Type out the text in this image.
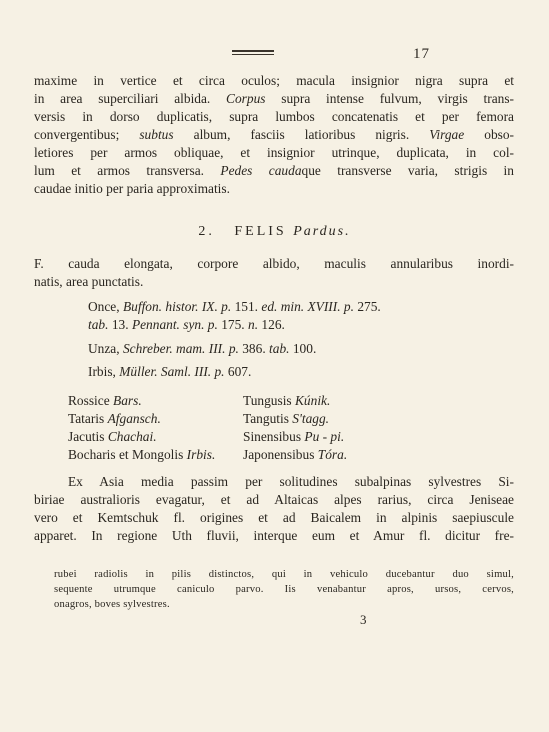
17
maxime in vertice et circa oculos; macula insignior nigra supra et
in area superciliari albida. Corpus supra intense fulvum, virgis trans-
versis in dorso duplicatis, supra lumbos concatenatis et per femora
convergentibus; subtus album, fasciis latioribus nigris. Virgae obso-
letiores per armos obliquae, et insignior utrinque, duplicata, in col-
lum et armos transversa. Pedes caudaque transverse varia, strigis in
caudae initio per paria approximatis.
2. FELIS Pardus.
F. cauda elongata, corpore albido, maculis annularibus inordi-
natis, area punctatis.
Once, Buffon. histor. IX. p. 151. ed. min. XVIII. p. 275.
tab. 13. Pennant. syn. p. 175. n. 126.
Unza, Schreber. mam. III. p. 386. tab. 100.
Irbis, Müller. Saml. III. p. 607.
Rossice Bars.
Tataris Afgansch.
Jacutis Chachai.
Bocharis et Mongolis Irbis.
Tungusis Kúnik.
Tangutis S'tagg.
Sinensibus Pu - pi.
Japonensibus Tóra.
Ex Asia media passim per solitudines subalpinas sylvestres Si-
biriae australioris evagatur, et ad Altaicas alpes rarius, circa Jeniseae
vero et Kemtschuk fl. origines et ad Baicalem in alpinis saepiuscule
apparet. In regione Uth fluvii, interque eum et Amur fl. dicitur fre-
rubei radiolis in pilis distinctos, qui in vehiculo ducebantur duo simul,
sequente utrumque caniculo parvo. Iis venabantur apros, ursos, cervos,
onagros, boves sylvestres.
3
